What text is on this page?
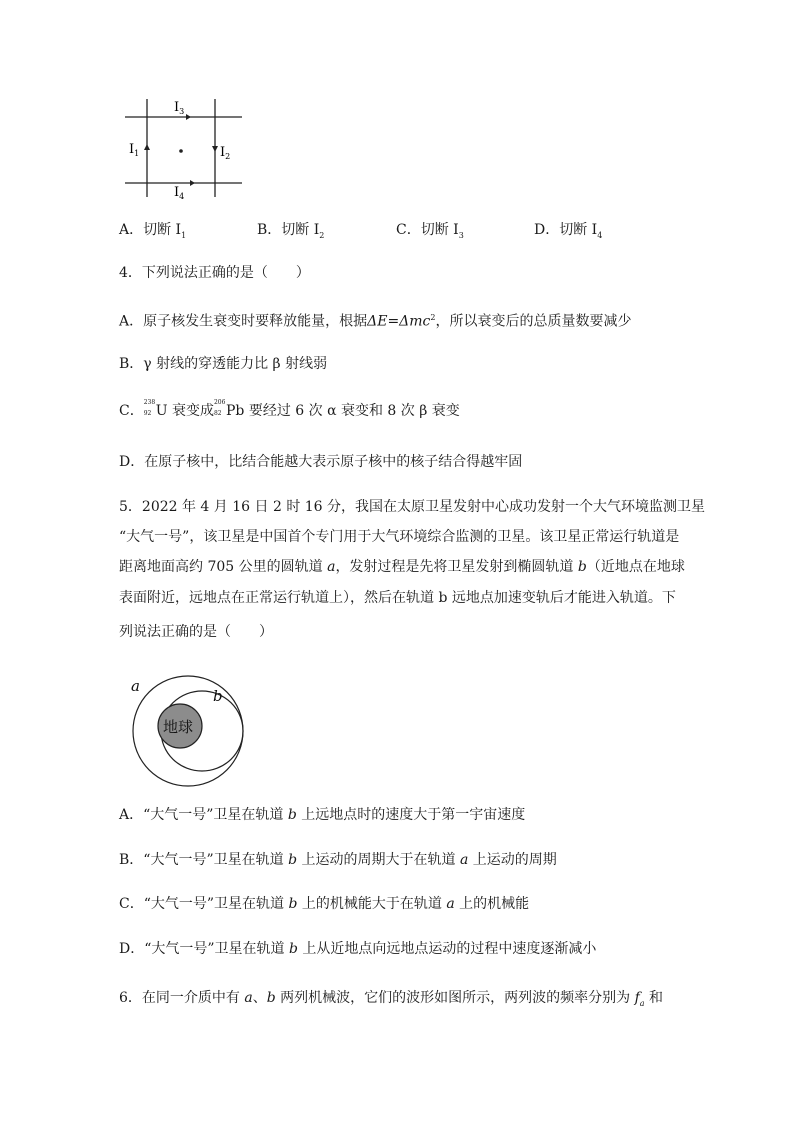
$I_3$
$I_1$	$I_2$
$I_4$
A．切断 $I_1$	B．切断 $I_2$	C．切断 $I_3$	D．切断 $I_4$
4．下列说法正确的是（　　）
A．原子核发生衰变时要释放能量，根据ΔE=Δmc$^2$，所以衰变后的总质量数要减少
B．γ 射线的穿透能力比 β 射线弱
C．
238
92 U 衰变成
206
82 Pb 要经过 6 次 α 衰变和 8 次 β 衰变
D．在原子核中，比结合能越大表示原子核中的核子结合得越牢固
5．2022 年 4 月 16 日 2 时 16 分，我国在太原卫星发射中心成功发射一个大气环境监测卫星
“大气一号”，该卫星是中国首个专门用于大气环境综合监测的卫星。该卫星正常运行轨道是
距离地面高约 705 公里的圆轨道 a，发射过程是先将卫星发射到椭圆轨道 b（近地点在地球
表面附近，远地点在正常运行轨道上），然后在轨道 b 远地点加速变轨后才能进入轨道。下
列说法正确的是（　　）
地球
a
b
A．“大气一号”卫星在轨道 b 上远地点时的速度大于第一宇宙速度
B．“大气一号”卫星在轨道 b 上运动的周期大于在轨道 a 上运动的周期
C．“大气一号”卫星在轨道 b 上的机械能大于在轨道 a 上的机械能
D．“大气一号”卫星在轨道 b 上从近地点向远地点运动的过程中速度逐渐减小
6．在同一介质中有 a、b 两列机械波，它们的波形如图所示，两列波的频率分别为 $f_a$ 和
